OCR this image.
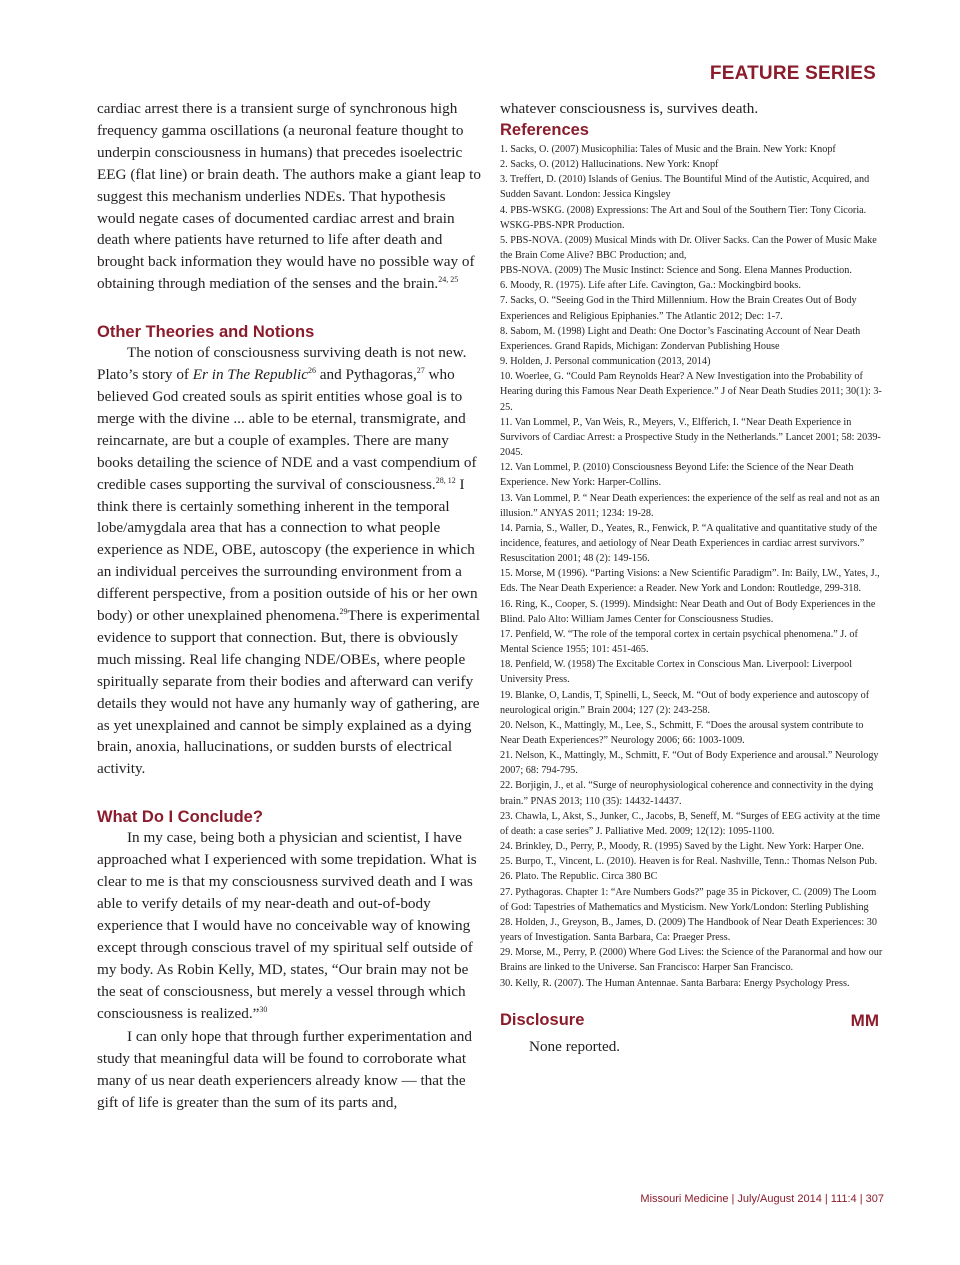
FEATURE SERIES

cardiac arrest there is a transient surge of synchronous high frequency gamma oscillations (a neuronal feature thought to underpin consciousness in humans) that precedes isoelectric EEG (flat line) or brain death. The authors make a giant leap to suggest this mechanism underlies NDEs. That hypothesis would negate cases of documented cardiac arrest and brain death where patients have returned to life after death and brought back information they would have no possible way of obtaining through mediation of the senses and the brain.$^{24, 25}$

Other Theories and Notions

The notion of consciousness surviving death is not new. Plato’s story of Er in The Republic$^{26}$ and Pythagoras,$^{27}$ who believed God created souls as spirit entities whose goal is to merge with the divine ... able to be eternal, transmigrate, and reincarnate, are but a couple of examples. There are many books detailing the science of NDE and a vast compendium of credible cases supporting the survival of consciousness.$^{28, 12}$ I think there is certainly something inherent in the temporal lobe/amygdala area that has a connection to what people experience as NDE, OBE, autoscopy (the experience in which an individual perceives the surrounding environment from a different perspective, from a position outside of his or her own body) or other unexplained phenomena.$^{29}$There is experimental evidence to support that connection. But, there is obviously much missing. Real life changing NDE/OBEs, where people spiritually separate from their bodies and afterward can verify details they would not have any humanly way of gathering, are as yet unexplained and cannot be simply explained as a dying brain, anoxia, hallucinations, or sudden bursts of electrical activity.

What Do I Conclude?

In my case, being both a physician and scientist, I have approached what I experienced with some trepidation. What is clear to me is that my consciousness survived death and I was able to verify details of my near-death and out-of-body experience that I would have no conceivable way of knowing except through conscious travel of my spiritual self outside of my body. As Robin Kelly, MD, states, “Our brain may not be the seat of consciousness, but merely a vessel through which consciousness is realized.”$^{30}$

I can only hope that through further experimentation and study that meaningful data will be found to corroborate what many of us near death experiencers already know — that the gift of life is greater than the sum of its parts and,

whatever consciousness is, survives death.

References
1. Sacks, O. (2007) Musicophilia: Tales of Music and the Brain. New York: Knopf
2. Sacks, O. (2012) Hallucinations. New York: Knopf
3. Treffert, D. (2010) Islands of Genius. The Bountiful Mind of the Autistic, Acquired, and Sudden Savant. London: Jessica Kingsley
4. PBS-WSKG. (2008) Expressions: The Art and Soul of the Southern Tier: Tony Cicoria. WSKG-PBS-NPR Production.
5. PBS-NOVA. (2009) Musical Minds with Dr. Oliver Sacks. Can the Power of Music Make the Brain Come Alive? BBC Production; and,
PBS-NOVA. (2009) The Music Instinct: Science and Song. Elena Mannes Production.
6. Moody, R. (1975). Life after Life. Cavington, Ga.: Mockingbird books.
7. Sacks, O. “Seeing God in the Third Millennium. How the Brain Creates Out of Body Experiences and Religious Epiphanies.” The Atlantic 2012; Dec: 1-7.
8. Sabom, M. (1998) Light and Death: One Doctor’s Fascinating Account of Near Death Experiences. Grand Rapids, Michigan: Zondervan Publishing House
9. Holden, J. Personal communication (2013, 2014)
10. Woerlee, G. “Could Pam Reynolds Hear? A New Investigation into the Probability of Hearing during this Famous Near Death Experience.” J of Near Death Studies 2011; 30(1): 3-25.
11. Van Lommel, P., Van Weis, R., Meyers, V., Elfferich, I. “Near Death Experience in Survivors of Cardiac Arrest: a Prospective Study in the Netherlands.” Lancet 2001; 58: 2039-2045.
12. Van Lommel, P. (2010) Consciousness Beyond Life: the Science of the Near Death Experience. New York: Harper-Collins.
13. Van Lommel, P. “ Near Death experiences: the experience of the self as real and not as an illusion.” ANYAS 2011; 1234: 19-28.
14. Parnia, S., Waller, D., Yeates, R., Fenwick, P. “A qualitative and quantitative study of the incidence, features, and aetiology of Near Death Experiences in cardiac arrest survivors.” Resuscitation 2001; 48 (2): 149-156.
15. Morse, M (1996). “Parting Visions: a New Scientific Paradigm”. In: Baily, LW., Yates, J., Eds. The Near Death Experience: a Reader. New York and London: Routledge, 299-318.
16. Ring, K., Cooper, S. (1999). Mindsight: Near Death and Out of Body Experiences in the Blind. Palo Alto: William James Center for Consciousness Studies.
17. Penfield, W. “The role of the temporal cortex in certain psychical phenomena.” J. of Mental Science 1955; 101: 451-465.
18. Penfield, W. (1958) The Excitable Cortex in Conscious Man. Liverpool: Liverpool University Press.
19. Blanke, O, Landis, T, Spinelli, L, Seeck, M. “Out of body experience and autoscopy of neurological origin.” Brain 2004; 127 (2): 243-258.
20. Nelson, K., Mattingly, M., Lee, S., Schmitt, F. “Does the arousal system contribute to Near Death Experiences?” Neurology 2006; 66: 1003-1009.
21. Nelson, K., Mattingly, M., Schmitt, F. “Out of Body Experience and arousal.” Neurology 2007; 68: 794-795.
22. Borjigin, J., et al. “Surge of neurophysiological coherence and connectivity in the dying brain.” PNAS 2013; 110 (35): 14432-14437.
23. Chawla, L, Akst, S., Junker, C., Jacobs, B, Seneff, M. “Surges of EEG activity at the time of death: a case series” J. Palliative Med. 2009; 12(12): 1095-1100.
24. Brinkley, D., Perry, P., Moody, R. (1995) Saved by the Light. New York: Harper One.
25. Burpo, T., Vincent, L. (2010). Heaven is for Real. Nashville, Tenn.: Thomas Nelson Pub.
26. Plato. The Republic. Circa 380 BC
27. Pythagoras. Chapter 1: “Are Numbers Gods?” page 35 in Pickover, C. (2009) The Loom of God: Tapestries of Mathematics and Mysticism. New York/London: Sterling Publishing
28. Holden, J., Greyson, B., James, D. (2009) The Handbook of Near Death Experiences: 30 years of Investigation. Santa Barbara, Ca: Praeger Press.
29. Morse, M., Perry, P. (2000) Where God Lives: the Science of the Paranormal and how our Brains are linked to the Universe. San Francisco: Harper San Francisco.
30. Kelly, R. (2007). The Human Antennae. Santa Barbara: Energy Psychology Press.
Disclosure	MM

None reported.

Missouri Medicine | July/August 2014 | 111:4 | 307
